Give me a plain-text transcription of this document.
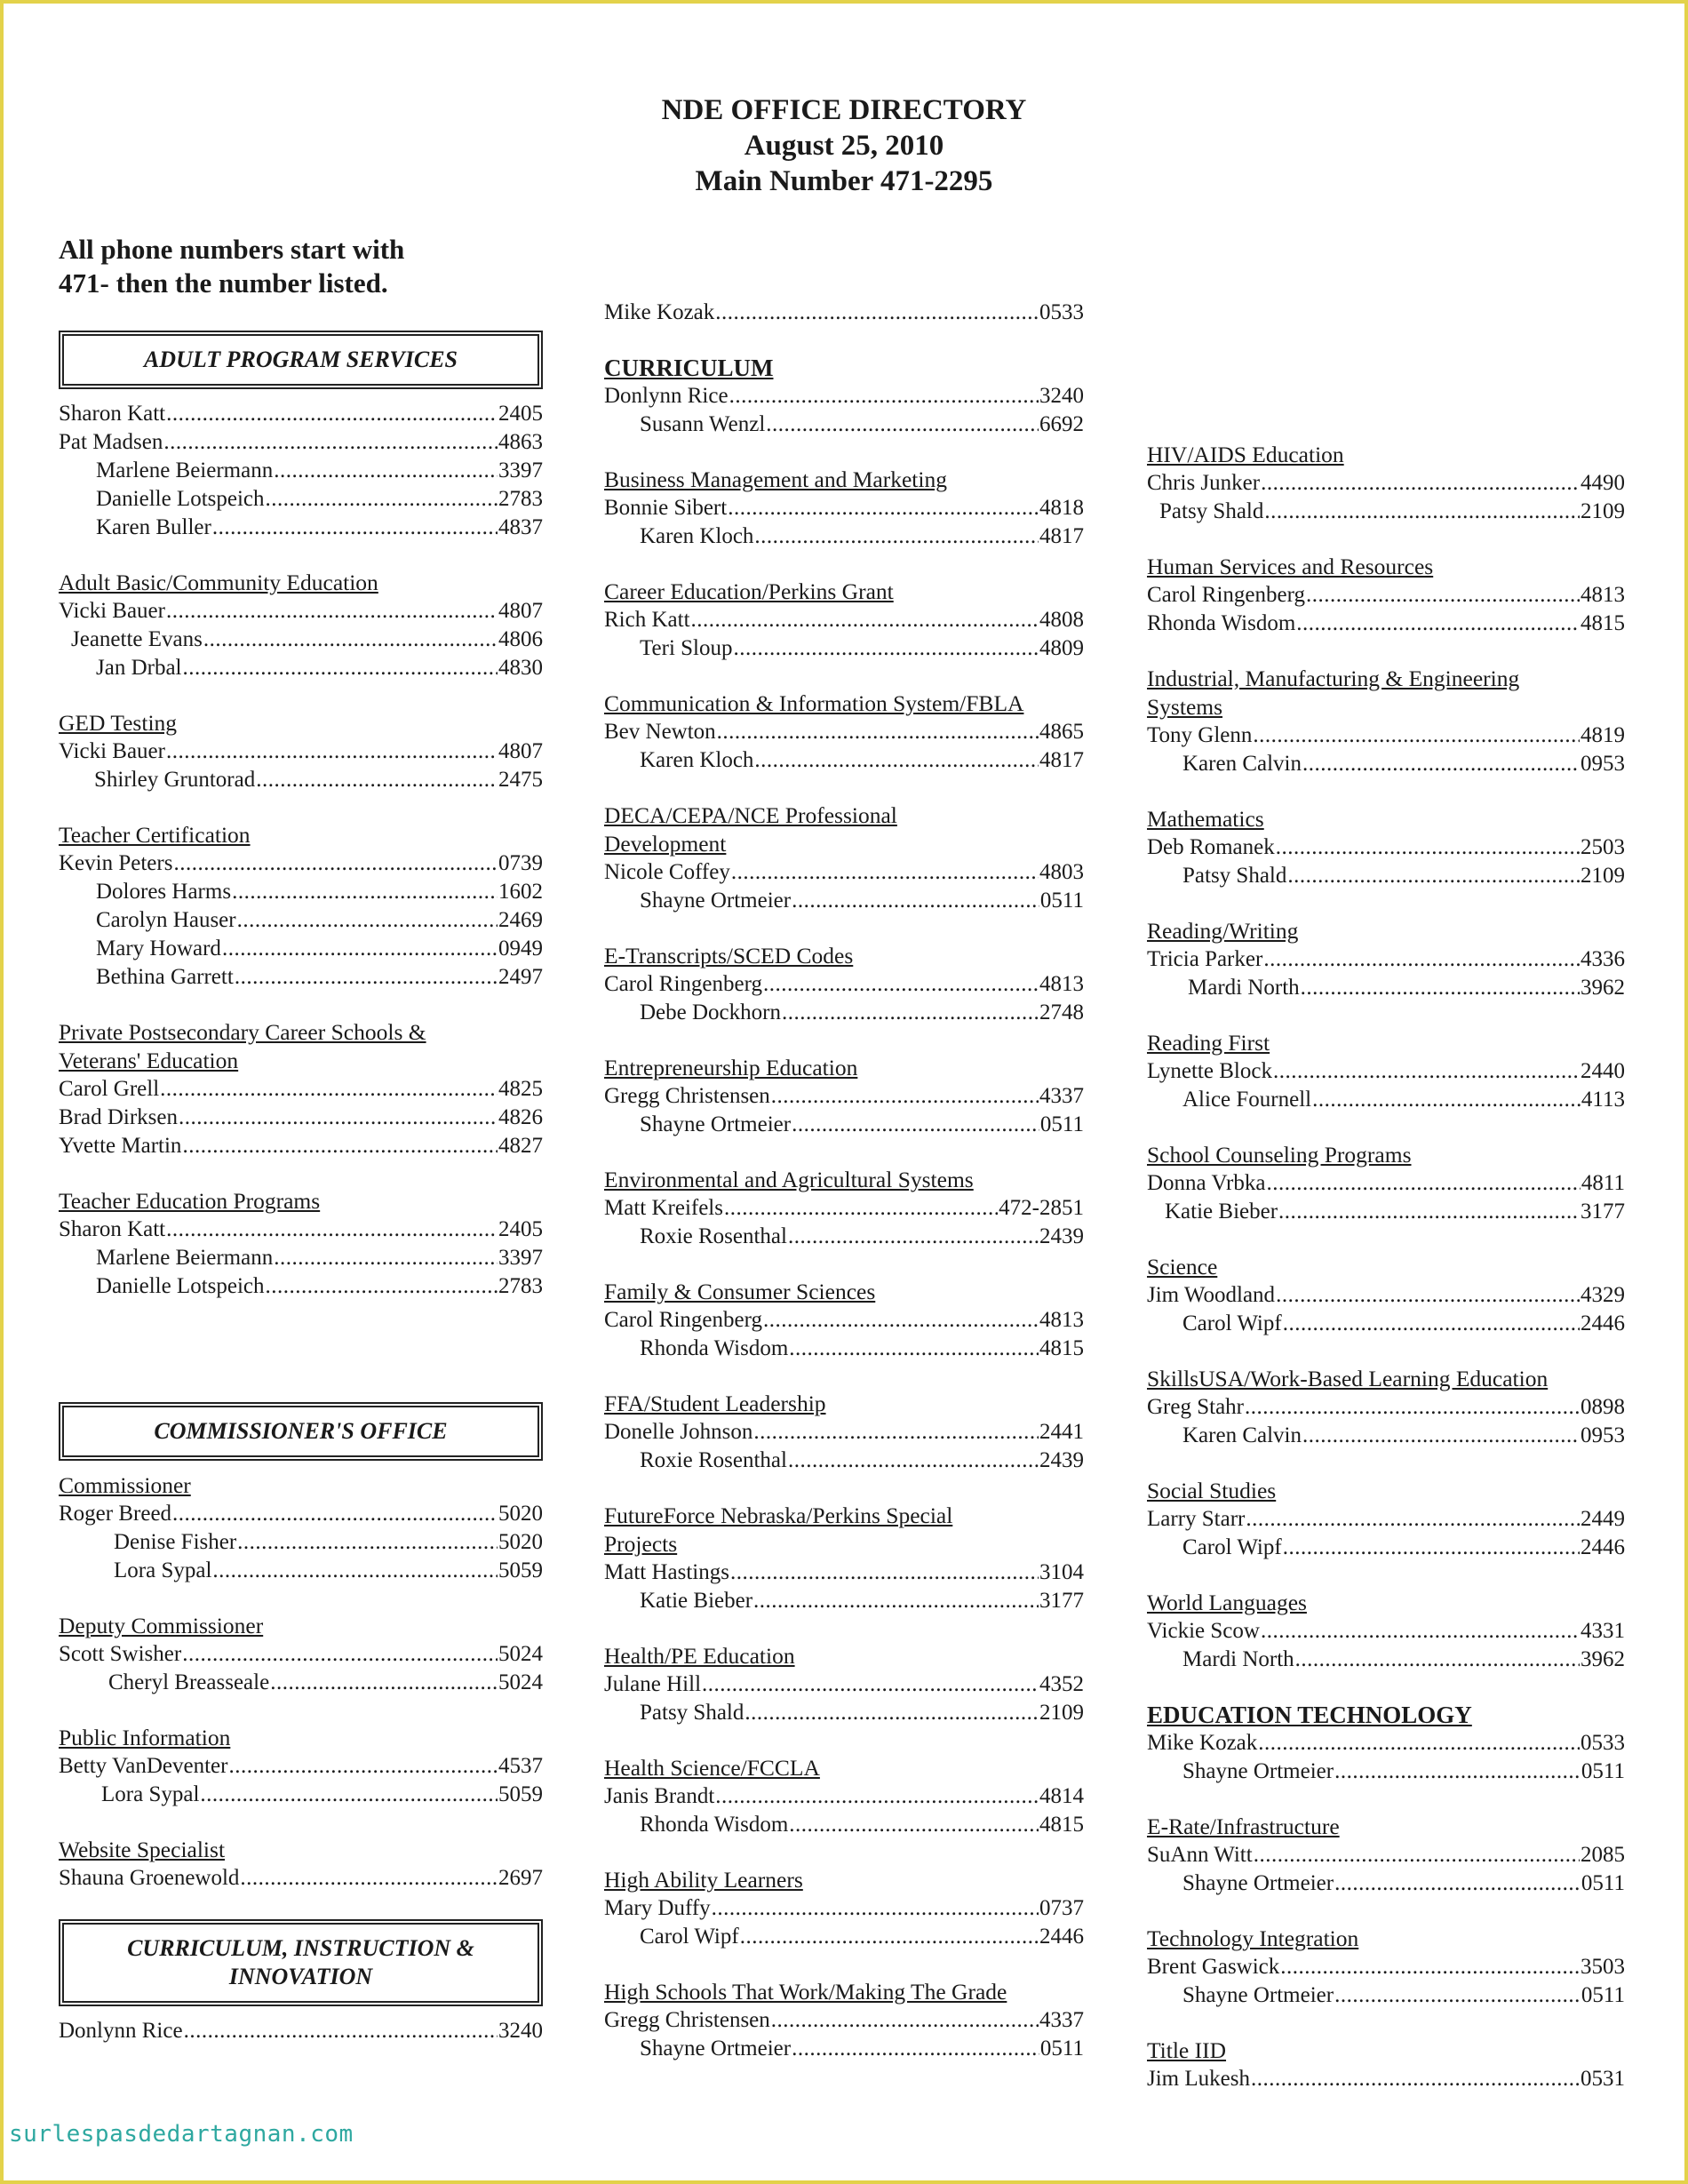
NDE OFFICE DIRECTORY
August 25, 2010
Main Number 471-2295
All phone numbers start with
471- then the number listed.
ADULT PROGRAM SERVICES
Sharon Katt .....	2405
Pat Madsen .....	4863
Marlene Beiermann .....	3397
Danielle Lotspeich .....	2783
Karen Buller .....	4837
Adult Basic/Community Education
Vicki Bauer .....	4807
Jeanette Evans .....	4806
Jan Drbal .....	4830
GED Testing
Vicki Bauer .....	4807
Shirley Gruntorad .....	2475
Teacher Certification
Kevin Peters .....	0739
Dolores Harms .....	1602
Carolyn Hauser .....	2469
Mary Howard .....	0949
Bethina Garrett .....	2497
Private Postsecondary Career Schools &
Veterans' Education
Carol Grell .....	4825
Brad Dirksen .....	4826
Yvette Martin .....	4827
Teacher Education Programs
Sharon Katt .....	2405
Marlene Beiermann .....	3397
Danielle Lotspeich .....	2783
COMMISSIONER'S OFFICE
Commissioner
Roger Breed .....	5020
Denise Fisher .....	5020
Lora Sypal .....	5059
Deputy Commissioner
Scott Swisher .....	5024
Cheryl Breasseale .....	5024
Public Information
Betty VanDeventer .....	4537
Lora Sypal .....	5059
Website Specialist
Shauna Groenewold .....	2697
CURRICULUM, INSTRUCTION &
INNOVATION
Donlynn Rice .....	3240
Mike Kozak .....	0533
CURRICULUM
Donlynn Rice .....	3240
Susann Wenzl .....	6692
Business Management and Marketing
Bonnie Sibert .....	4818
Karen Kloch .....	4817
Career Education/Perkins Grant
Rich Katt .....	4808
Teri Sloup .....	4809
Communication & Information System/FBLA
Bev Newton .....	4865
Karen Kloch .....	4817
DECA/CEPA/NCE Professional
Development
Nicole Coffey .....	4803
Shayne Ortmeier .....	0511
E-Transcripts/SCED Codes
Carol Ringenberg .....	4813
Debe Dockhorn .....	2748
Entrepreneurship Education
Gregg Christensen .....	4337
Shayne Ortmeier .....	0511
Environmental and Agricultural Systems
Matt Kreifels .....	472-2851
Roxie Rosenthal .....	2439
Family & Consumer Sciences
Carol Ringenberg .....	4813
Rhonda Wisdom .....	4815
FFA/Student Leadership
Donelle Johnson .....	2441
Roxie Rosenthal .....	2439
FutureForce Nebraska/Perkins Special
Projects
Matt Hastings .....	3104
Katie Bieber .....	3177
Health/PE Education
Julane Hill .....	4352
Patsy Shald .....	2109
Health Science/FCCLA
Janis Brandt .....	4814
Rhonda Wisdom .....	4815
High Ability Learners
Mary Duffy .....	0737
Carol Wipf .....	2446
High Schools That Work/Making The Grade
Gregg Christensen .....	4337
Shayne Ortmeier .....	0511
HIV/AIDS Education
Chris Junker .....	4490
Patsy Shald .....	2109
Human Services and Resources
Carol Ringenberg .....	4813
Rhonda Wisdom .....	4815
Industrial, Manufacturing & Engineering
Systems
Tony Glenn .....	4819
Karen Calvin .....	0953
Mathematics
Deb Romanek .....	2503
Patsy Shald .....	2109
Reading/Writing
Tricia Parker .....	4336
Mardi North .....	3962
Reading First
Lynette Block .....	2440
Alice Fournell .....	4113
School Counseling Programs
Donna Vrbka .....	4811
Katie Bieber .....	3177
Science
Jim Woodland .....	4329
Carol Wipf .....	2446
SkillsUSA/Work-Based Learning Education
Greg Stahr .....	0898
Karen Calvin .....	0953
Social Studies
Larry Starr .....	2449
Carol Wipf .....	2446
World Languages
Vickie Scow .....	4331
Mardi North .....	3962
EDUCATION TECHNOLOGY
Mike Kozak .....	0533
Shayne Ortmeier .....	0511
E-Rate/Infrastructure
SuAnn Witt .....	2085
Shayne Ortmeier .....	0511
Technology Integration
Brent Gaswick .....	3503
Shayne Ortmeier .....	0511
Title IID
Jim Lukesh .....	0531
surlespasdedartagnan.com
